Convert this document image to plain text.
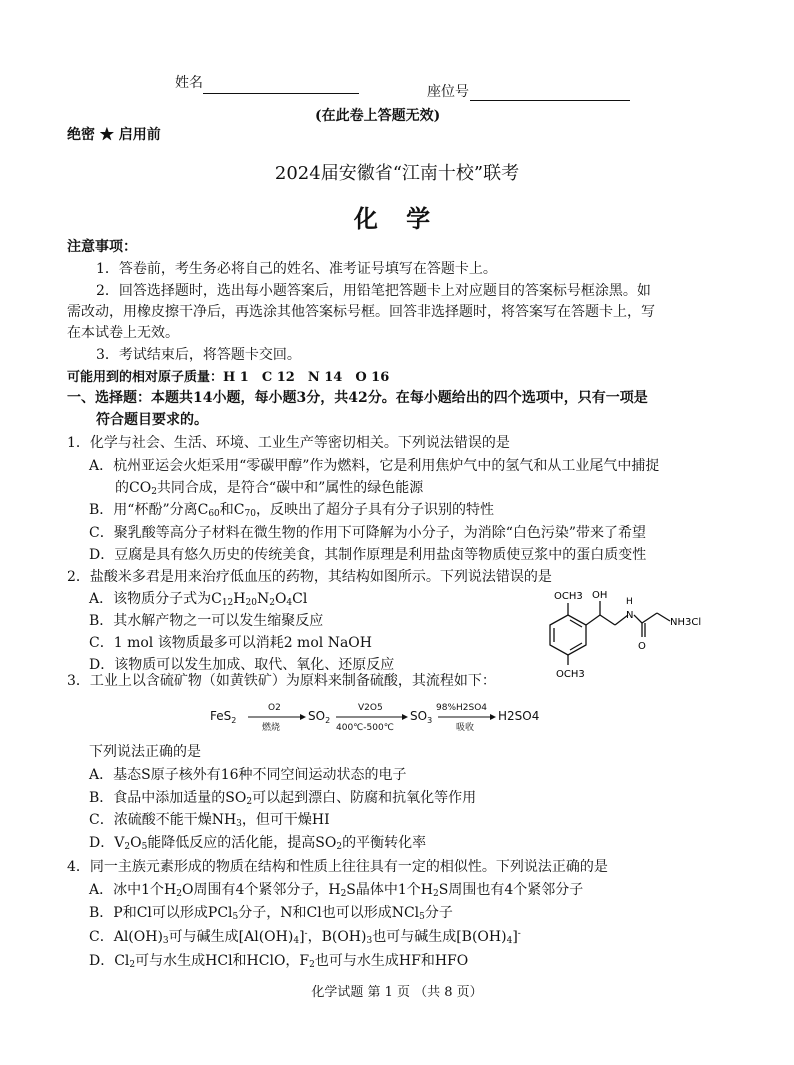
姓名
座位号
(在此卷上答题无效)
绝密 ★ 启用前
2024届安徽省“江南十校”联考
化 学
注意事项：
1．答卷前，考生务必将自己的姓名、准考证号填写在答题卡上。
2．回答选择题时，选出每小题答案后，用铅笔把答题卡上对应题目的答案标号框涂黑。如
需改动，用橡皮擦干净后，再选涂其他答案标号框。回答非选择题时，将答案写在答题卡上，写
在本试卷上无效。
3．考试结束后，将答题卡交回。
可能用到的相对原子质量：H 1　C 12　N 14　O 16
一、选择题：本题共14小题，每小题3分，共42分。在每小题给出的四个选项中，只有一项是
符合题目要求的。
1．化学与社会、生活、环境、工业生产等密切相关。下列说法错误的是
A．杭州亚运会火炬采用“零碳甲醇”作为燃料，它是利用焦炉气中的氢气和从工业尾气中捕捉
的$CO_2$共同合成，是符合“碳中和”属性的绿色能源
B．用“杯酚”分离$C_{60}$和$C_{70}$，反映出了超分子具有分子识别的特性
C．聚乳酸等高分子材料在微生物的作用下可降解为小分子，为消除“白色污染”带来了希望
D．豆腐是具有悠久历史的传统美食，其制作原理是利用盐卤等物质使豆浆中的蛋白质变性
2．盐酸米多君是用来治疗低血压的药物，其结构如图所示。下列说法错误的是
A．该物质分子式为$C_{12}H_{20}N_2O_4Cl$
B．其水解产物之一可以发生缩聚反应
C．1 mol 该物质最多可以消耗2 mol NaOH
D．该物质可以发生加成、取代、氧化、还原反应
OCH3 OH
H
N
O
NH3Cl
OCH3
3．工业上以含硫矿物（如黄铁矿）为原料来制备硫酸，其流程如下：
FeS$_2$
O2
燃烧
$SO_2$
V2O5
400℃-500℃
$SO_3$
98%H2SO4
吸收
H2SO4
下列说法正确的是
A．基态S原子核外有16种不同空间运动状态的电子
B．食品中添加适量的$SO_2$可以起到漂白、防腐和抗氧化等作用
C．浓硫酸不能干燥$NH_3$，但可干燥HI
D．$V_2O_5$能降低反应的活化能，提高$SO_2$的平衡转化率
4．同一主族元素形成的物质在结构和性质上往往具有一定的相似性。下列说法正确的是
A．冰中1个$H_2O$周围有4个紧邻分子，$H_2S$晶体中1个$H_2S$周围也有4个紧邻分子
B．P和Cl可以形成PCl$_5$分子，N和Cl也可以形成NCl$_5$分子
C．$Al(OH)_3$可与碱生成$[Al(OH)_4]^-$，$B(OH)_3$也可与碱生成$[B(OH)_4]^-$
D．$Cl_2$可与水生成HCl和HClO，$F_2$也可与水生成HF和HFO
化学试题 第 1 页 （共 8 页）
